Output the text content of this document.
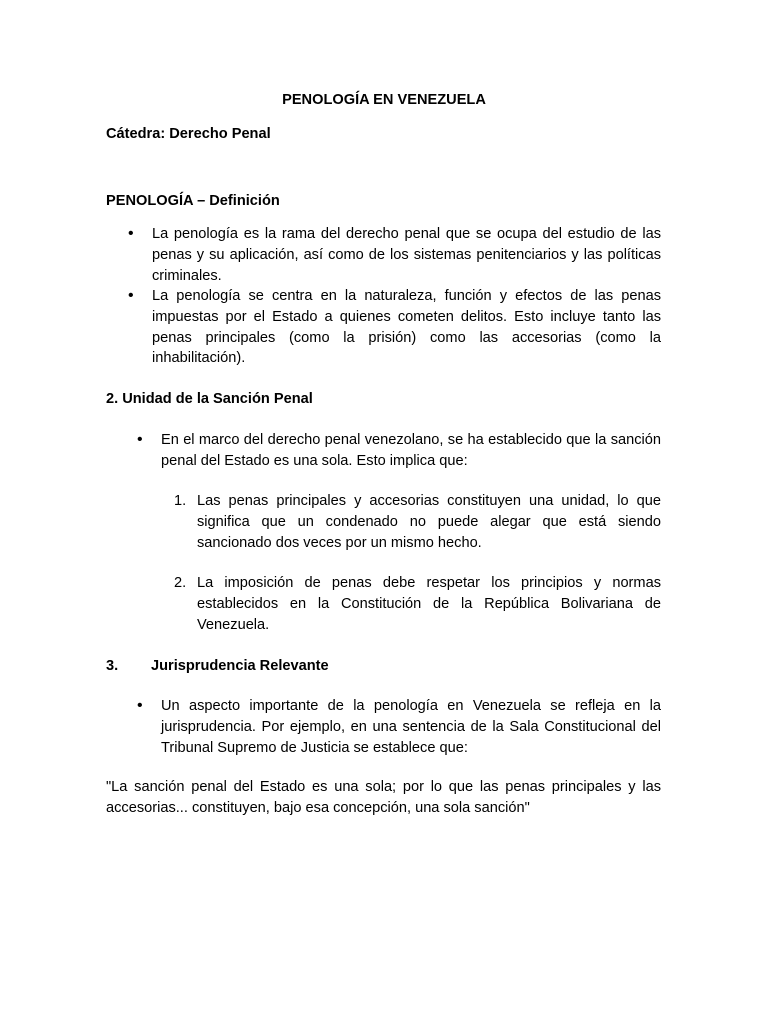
PENOLOGÍA EN VENEZUELA
Cátedra: Derecho Penal
PENOLOGÍA – Definición
• La penología es la rama del derecho penal que se ocupa del estudio de las penas y su aplicación, así como de los sistemas penitenciarios y las políticas criminales.
• La penología se centra en la naturaleza, función y efectos de las penas impuestas por el Estado a quienes cometen delitos. Esto incluye tanto las penas principales (como la prisión) como las accesorias (como la inhabilitación).
2. Unidad de la Sanción Penal
• En el marco del derecho penal venezolano, se ha establecido que la sanción penal del Estado es una sola. Esto implica que:
1. Las penas principales y accesorias constituyen una unidad, lo que significa que un condenado no puede alegar que está siendo sancionado dos veces por un mismo hecho.
2. La imposición de penas debe respetar los principios y normas establecidos en la Constitución de la República Bolivariana de Venezuela.
3. Jurisprudencia Relevante
• Un aspecto importante de la penología en Venezuela se refleja en la jurisprudencia. Por ejemplo, en una sentencia de la Sala Constitucional del Tribunal Supremo de Justicia se establece que:
"La sanción penal del Estado es una sola; por lo que las penas principales y las accesorias... constituyen, bajo esa concepción, una sola sanción"
